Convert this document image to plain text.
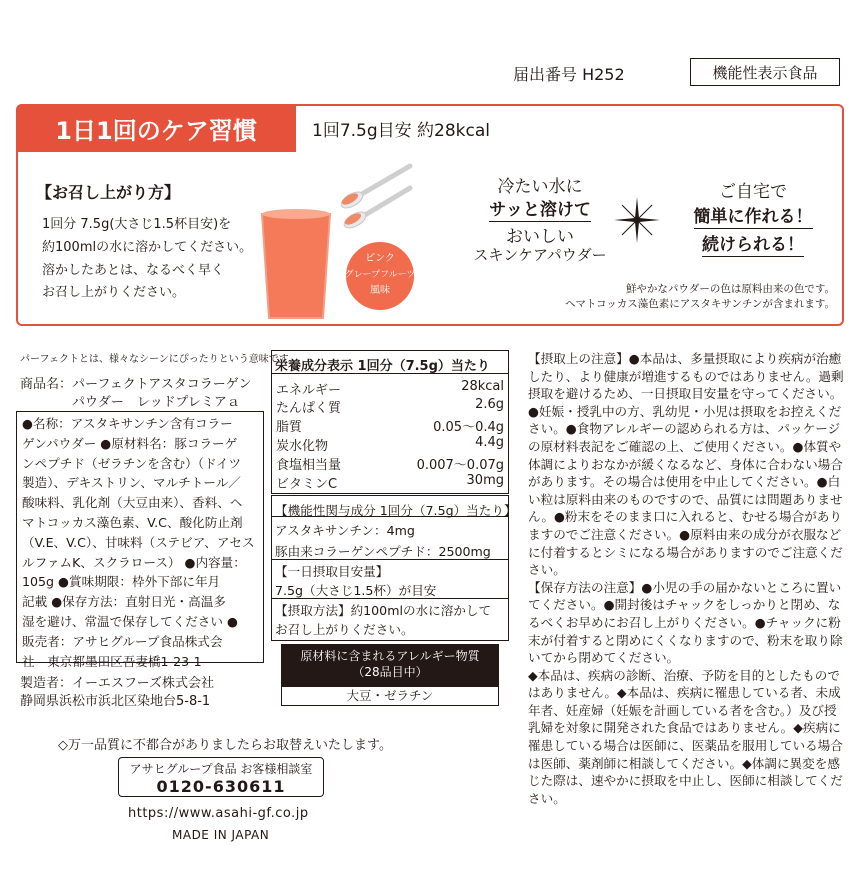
届出番号 H252	機能性表示食品
1日1回のケア習慣	1回7.5g目安 約28kcal
【お召し上がり方】
1回分 7.5g(大さじ1.5杯目安)を
約100mlの水に溶かしてください。
溶かしたあとは、なるべく早く
お召し上がりください。
ピンク
グレープフルーツ
風味
冷たい水に
サッと溶けて
おいしい
スキンケアパウダー
ご自宅で
簡単に作れる！
続けられる！
鮮やかなパウダーの色は原料由来の色です。
ヘマトコッカス藻色素にアスタキサンチンが含まれます。
パーフェクトとは、様々なシーンにぴったりという意味です。
商品名：パーフェクトアスタコラーゲン
　　　　パウダー　レッドプレミアａ
●名称：アスタキサンチン含有コラー
ゲンパウダー ●原材料名：豚コラーゲ
ンペプチド（ゼラチンを含む）（ドイツ
製造）、デキストリン、マルチトール／
酸味料、乳化剤（大豆由来）、香料、ヘ
マトコッカス藻色素、V.C、酸化防止剤
（V.E、V.C）、甘味料（ステビア、アセス
ルファムK、スクラロース） ●内容量：
105g ●賞味期限：枠外下部に年月
記載 ●保存方法：直射日光・高温多
湿を避け、常温で保存してください ●
販売者：アサヒグループ食品株式会
社　東京都墨田区吾妻橋1-23-1
製造者：イーエスフーズ株式会社
静岡県浜松市浜北区染地台5-8-1
◇万一品質に不都合がありましたらお取替えいたします。
アサヒグループ食品 お客様相談室
0120-630611
https://www.asahi-gf.co.jp
MADE IN JAPAN
栄養成分表示 1回分（7.5g）当たり
エネルギー	28kcal
たんぱく質	2.6g
脂質	0.05～0.4g
炭水化物	4.4g
食塩相当量	0.007～0.07g
ビタミンC	30mg
【機能性関与成分 1回分（7.5g）当たり】
アスタキサンチン：4mg
豚由来コラーゲンペプチド：2500mg
【一日摂取目安量】
7.5g（大さじ1.5杯）が目安
【摂取方法】約100mlの水に溶かして
お召し上がりください。
原材料に含まれるアレルギー物質
（28品目中）
大豆・ゼラチン

【摂取上の注意】●本品は、多量摂取により疾病が治癒したり、より健康が増進するものではありません。過剰摂取を避けるため、一日摂取目安量を守ってください。●妊娠・授乳中の方、乳幼児・小児は摂取をお控えください。●食物アレルギーの認められる方は、パッケージの原材料表記をご確認の上、ご使用ください。●体質や体調によりおなかが緩くなるなど、身体に合わない場合があります。その場合は使用を中止してください。●白い粒は原料由来のものですので、品質には問題ありません。●粉末をそのまま口に入れると、むせる場合がありますのでご注意ください。●原料由来の成分が衣服などに付着するとシミになる場合がありますのでご注意ください。

【保存方法の注意】●小児の手の届かないところに置いてください。●開封後はチャックをしっかりと閉め、なるべくお早めにお召し上がりください。●チャックに粉末が付着すると閉めにくくなりますので、粉末を取り除いてから閉めてください。

◆本品は、疾病の診断、治療、予防を目的としたものではありません。◆本品は、疾病に罹患している者、未成年者、妊産婦（妊娠を計画している者を含む。）及び授乳婦を対象に開発された食品ではありません。◆疾病に罹患している場合は医師に、医薬品を服用している場合は医師、薬剤師に相談してください。◆体調に異変を感じた際は、速やかに摂取を中止し、医師に相談してください。
